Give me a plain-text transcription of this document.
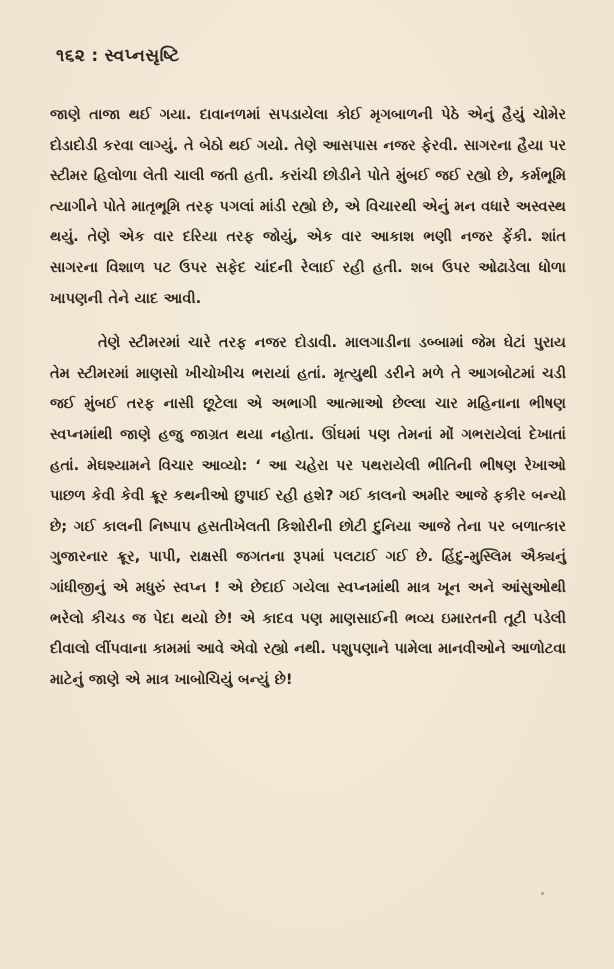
૧૬૨ : સ્વપ્નસૃષ્ટિ

જાણે તાજા થઈ ગયા. દાવાનળમાં સપડાયેલા કોઈ મૃગબાળની પેઠે એનું હૈયું ચોમેર દોડાદોડી કરવા લાગ્યું. તે બેઠો થઈ ગયો. તેણે આસપાસ નજર ફેરવી. સાગરના હૈયા પર સ્ટીમર હિલોળા લેતી ચાલી જતી હતી. કરાંચી છોડીને પોતે મુંબઈ જઈ રહ્યો છે, કર્મભૂમિ ત્યાગીને પોતે માતૃભૂમિ તરફ પગલાં માંડી રહ્યો છે, એ વિચારથી એનું મન વધારે અસ્વસ્થ થયું. તેણે એક વાર દરિયા તરફ જોયું, એક વાર આકાશ ભણી નજર ફેંકી. શાંત સાગરના વિશાળ પટ ઉપર સફેદ ચાંદની રેલાઈ રહી હતી. શબ ઉપર ઓઢાડેલા ધોળા ખાપણની તેને યાદ આવી.

તેણે સ્ટીમરમાં ચારે તરફ નજર દોડાવી. માલગાડીના ડબ્બામાં જેમ ઘેટાં પુરાય તેમ સ્ટીમરમાં માણસો ખીચોખીચ ભરાયાં હતાં. મૃત્યુથી ડરીને મળે તે આગબોટમાં ચડી જઈ મુંબઈ તરફ નાસી છૂટેલા એ અભાગી આત્માઓ છેલ્લા ચાર મહિનાના ભીષણ સ્વપ્નમાંથી જાણે હજુ જાગ્રત થયા નહોતા. ઊંઘમાં પણ તેમનાં મોં ગભરાયેલાં દેખાતાં હતાં. મેઘશ્યામને વિચાર આવ્યો: ‘ આ ચહેરા પર પથરાયેલી ભીતિની ભીષણ રેખાઓ પાછળ કેવી કેવી ક્રૂર કથનીઓ છુપાઈ રહી હશે? ગઈ કાલનો અમીર આજે ફકીર બન્યો છે; ગઈ કાલની નિષ્પાપ હસતીખેલતી કિશોરીની છોટી દુનિયા આજે તેના પર બળાત્કાર ગુજારનાર ક્રૂર, પાપી, રાક્ષસી જગતના રૂપમાં પલટાઈ ગઈ છે. હિંદુ-મુસ્લિમ ઐક્યનું ગાંધીજીનું એ મધુરું સ્વપ્ન ! એ છેદાઈ ગયેલા સ્વપ્નમાંથી માત્ર ખૂન અને આંસુઓથી ભરેલો કીચડ જ પેદા થયો છે! એ કાદવ પણ માણસાઈની ભવ્ય ઇમારતની તૂટી પડેલી દીવાલો લીંપવાના કામમાં આવે એવો રહ્યો નથી. પશુપણાને પામેલા માનવીઓને આળોટવા માટેનું જાણે એ માત્ર ખાબોચિયું બન્યું છે!
